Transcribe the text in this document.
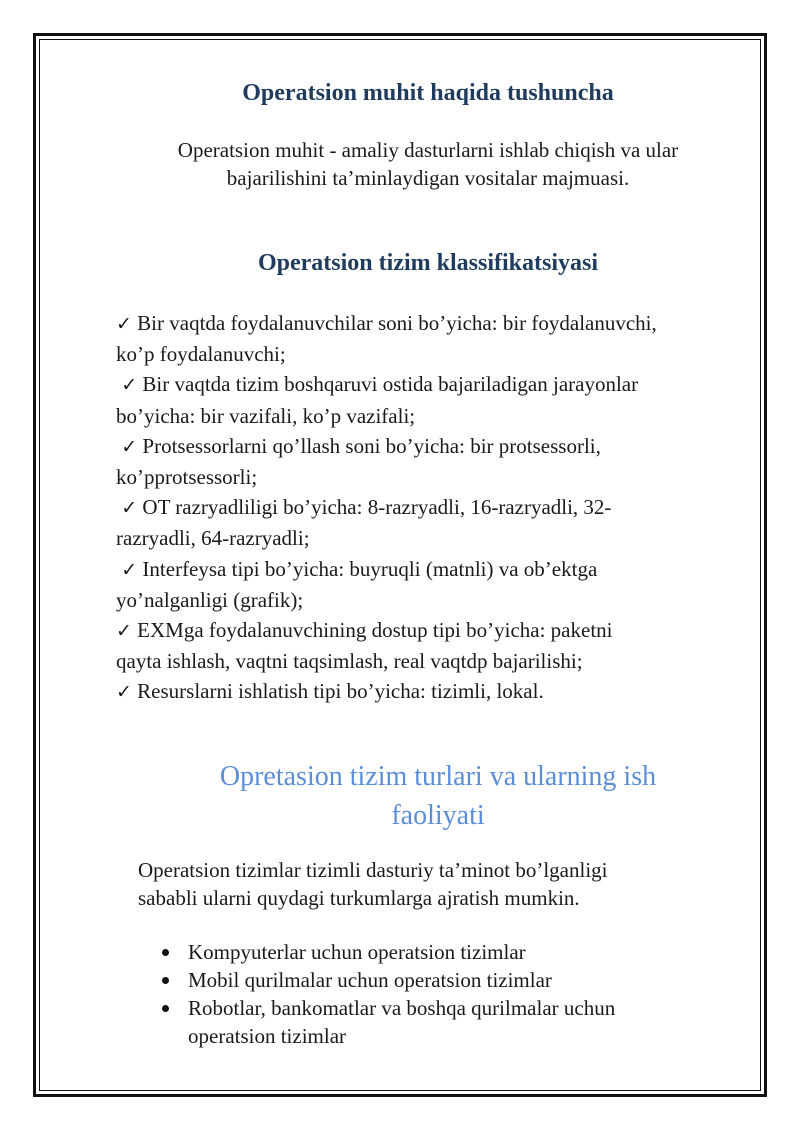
Operatsion muhit haqida tushuncha

Operatsion muhit - amaliy dasturlarni ishlab chiqish va ular
bajarilishini ta’minlaydigan vositalar majmuasi.

Operatsion tizim klassifikatsiyasi
✓ Bir vaqtda foydalanuvchilar soni bo’yicha: bir foydalanuvchi,
ko’p foydalanuvchi;
✓ Bir vaqtda tizim boshqaruvi ostida bajariladigan jarayonlar
bo’yicha: bir vazifali, ko’p vazifali;
✓ Protsessorlarni qo’llash soni bo’yicha: bir protsessorli,
ko’pprotsessorli;
✓ OT razryadliligi bo’yicha: 8-razryadli, 16-razryadli, 32-
razryadli, 64-razryadli;
✓ Interfeysa tipi bo’yicha: buyruqli (matnli) va ob’ektga
yo’nalganligi (grafik);
✓ EXMga foydalanuvchining dostup tipi bo’yicha: paketni
qayta ishlash, vaqtni taqsimlash, real vaqtdp bajarilishi;
✓ Resurslarni ishlatish tipi bo’yicha: tizimli, lokal.
Opretasion tizim turlari va ularning ish
faoliyati

Operatsion tizimlar tizimli dasturiy ta’minot bo’lganligi
sababli ularni quydagi turkumlarga ajratish mumkin.

Kompyuterlar uchun operatsion tizimlar
Mobil qurilmalar uchun operatsion tizimlar
Robotlar, bankomatlar va boshqa qurilmalar uchun
operatsion tizimlar
